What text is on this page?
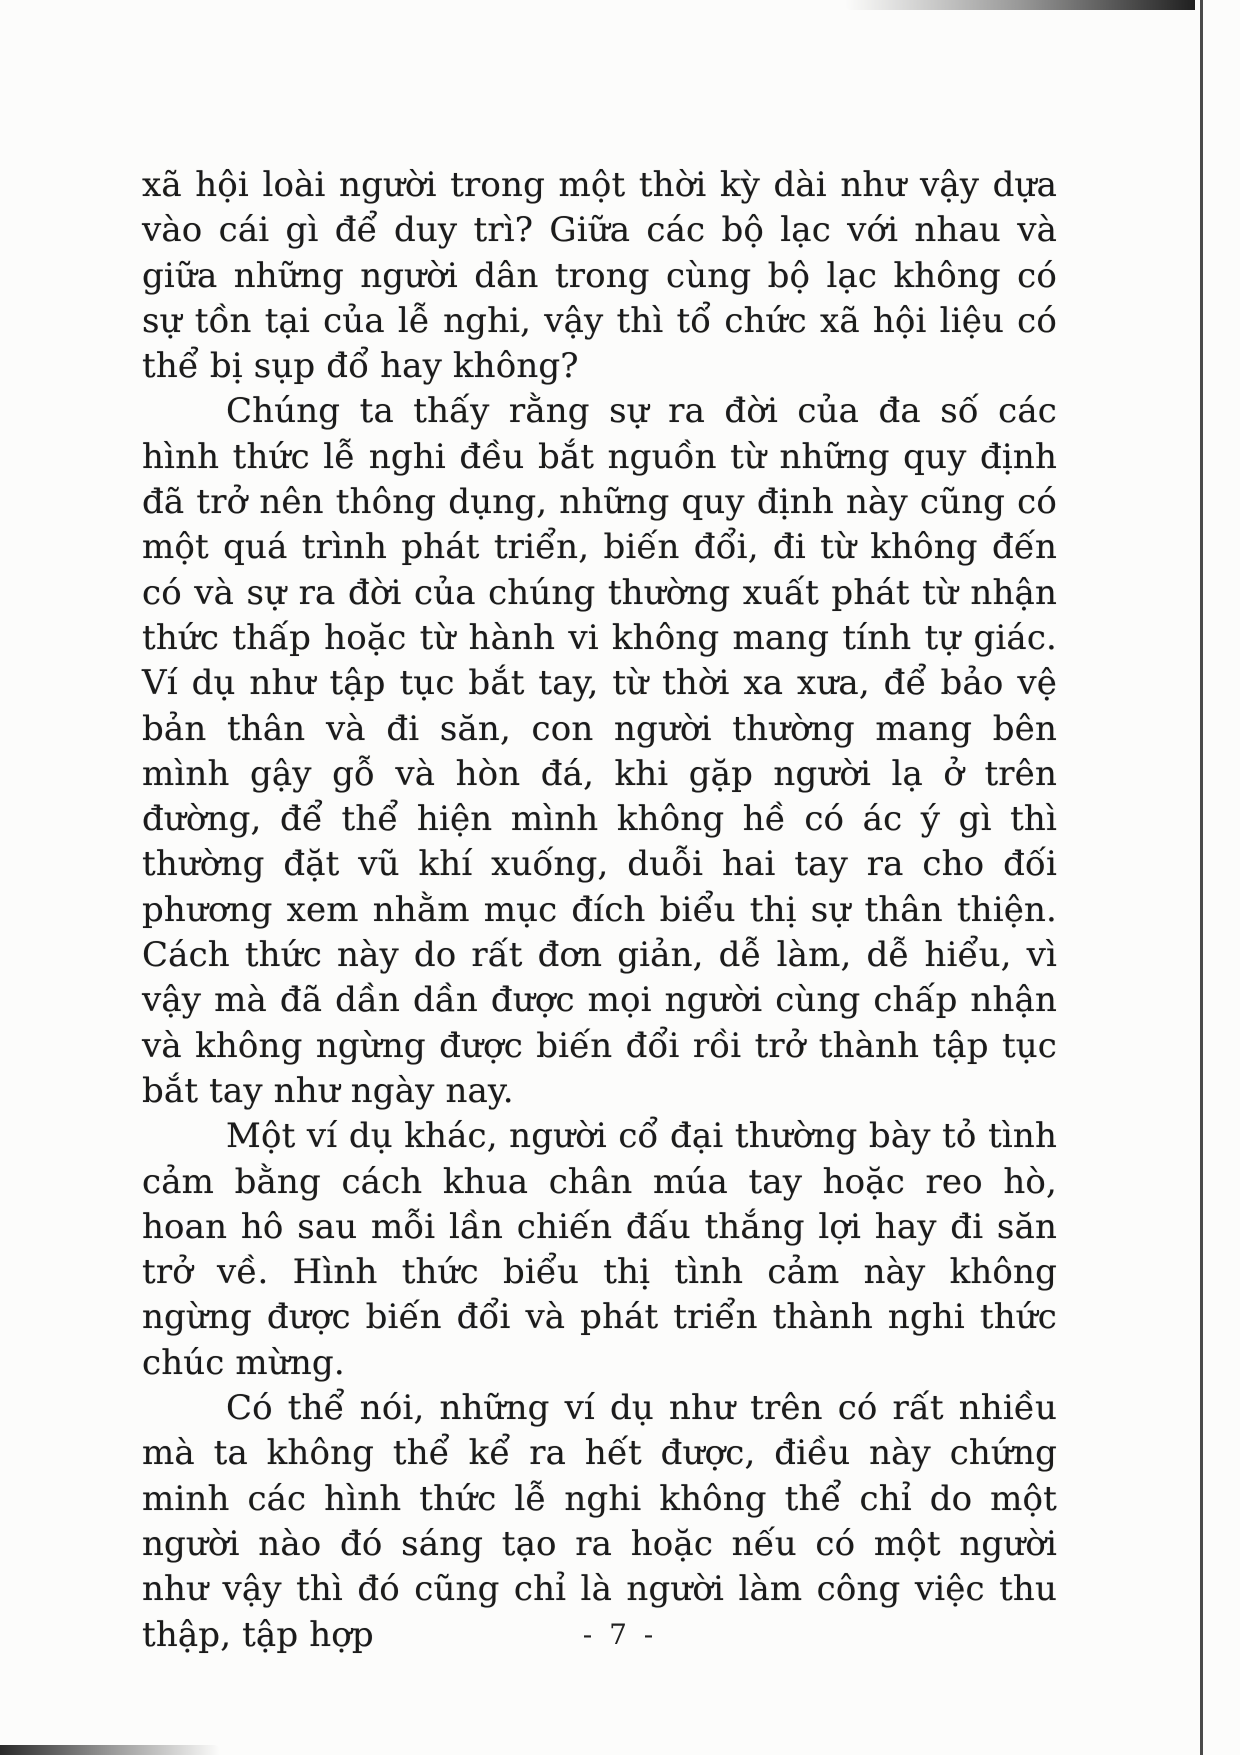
xã hội loài người trong một thời kỳ dài như vậy dựa vào cái gì để duy trì? Giữa các bộ lạc với nhau và giữa những người dân trong cùng bộ lạc không có sự tồn tại của lễ nghi, vậy thì tổ chức xã hội liệu có thể bị sụp đổ hay không?

Chúng ta thấy rằng sự ra đời của đa số các hình thức lễ nghi đều bắt nguồn từ những quy định đã trở nên thông dụng, những quy định này cũng có một quá trình phát triển, biến đổi, đi từ không đến có và sự ra đời của chúng thường xuất phát từ nhận thức thấp hoặc từ hành vi không mang tính tự giác. Ví dụ như tập tục bắt tay, từ thời xa xưa, để bảo vệ bản thân và đi săn, con người thường mang bên mình gậy gỗ và hòn đá, khi gặp người lạ ở trên đường, để thể hiện mình không hề có ác ý gì thì thường đặt vũ khí xuống, duỗi hai tay ra cho đối phương xem nhằm mục đích biểu thị sự thân thiện. Cách thức này do rất đơn giản, dễ làm, dễ hiểu, vì vậy mà đã dần dần được mọi người cùng chấp nhận và không ngừng được biến đổi rồi trở thành tập tục bắt tay như ngày nay.

Một ví dụ khác, người cổ đại thường bày tỏ tình cảm bằng cách khua chân múa tay hoặc reo hò, hoan hô sau mỗi lần chiến đấu thắng lợi hay đi săn trở về. Hình thức biểu thị tình cảm này không ngừng được biến đổi và phát triển thành nghi thức chúc mừng.

Có thể nói, những ví dụ như trên có rất nhiều mà ta không thể kể ra hết được, điều này chứng minh các hình thức lễ nghi không thể chỉ do một người nào đó sáng tạo ra hoặc nếu có một người như vậy thì đó cũng chỉ là người làm công việc thu thập, tập hợp	- 7 -
